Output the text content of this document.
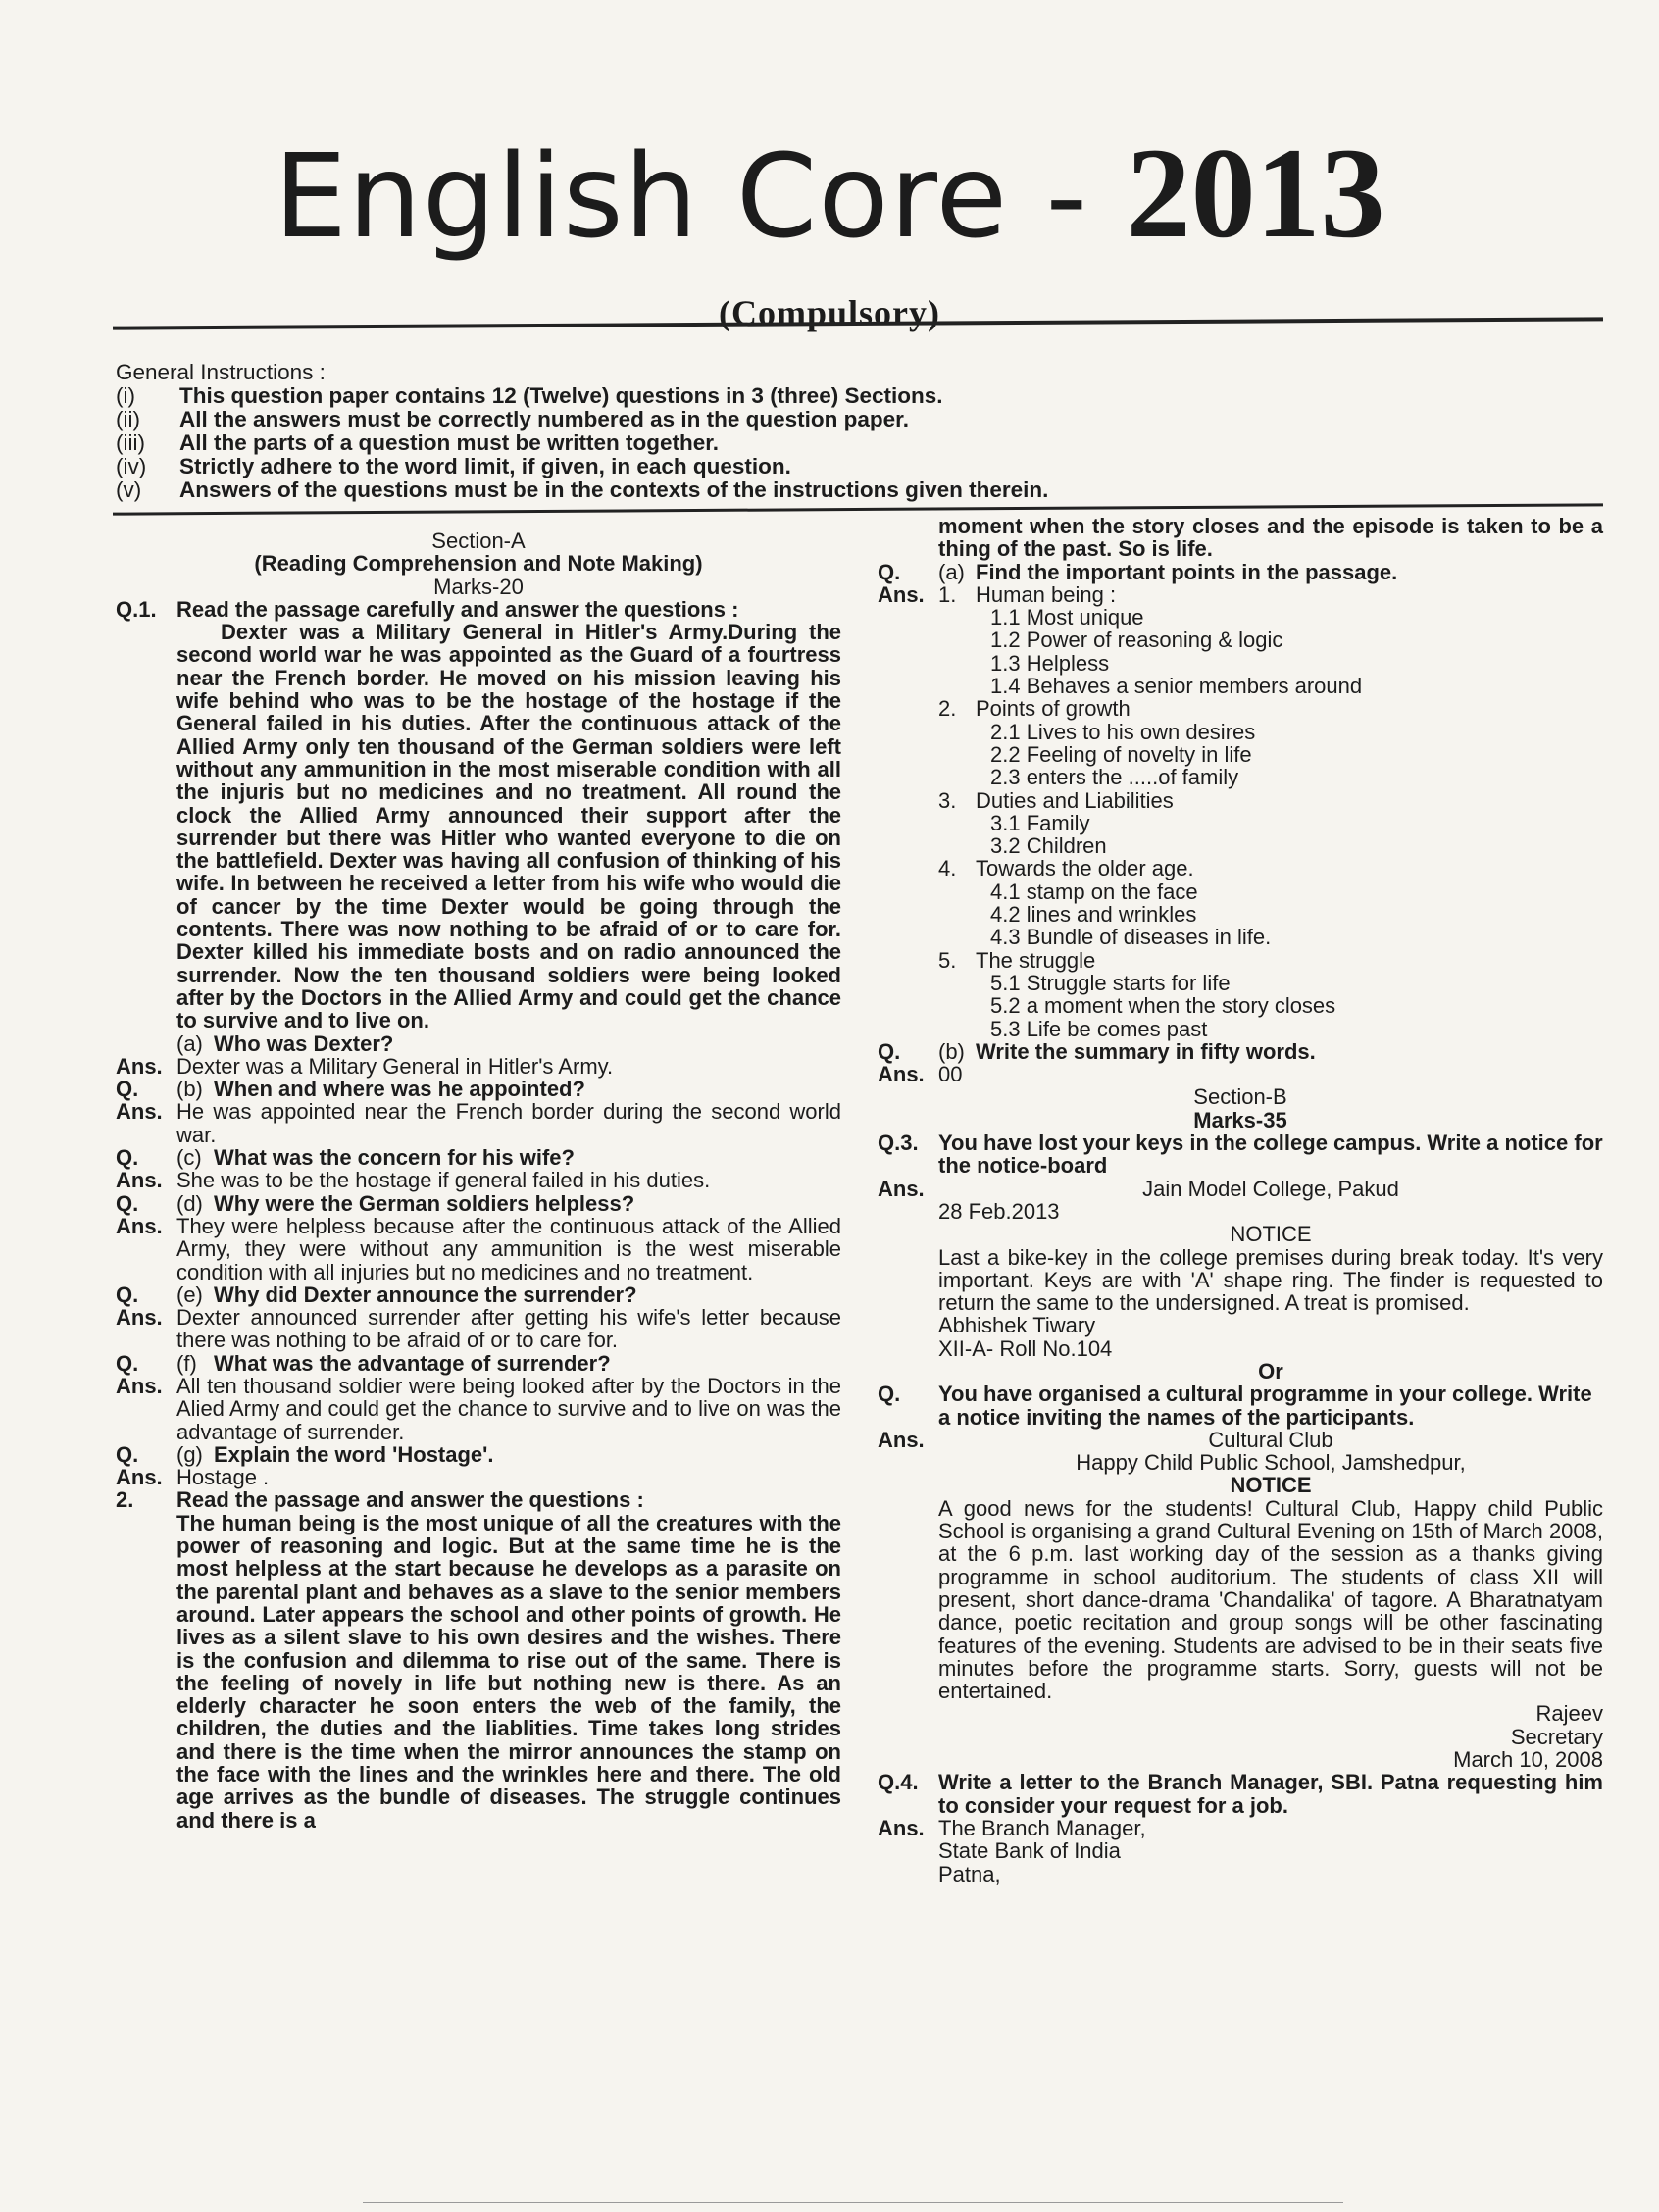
English Core - 2013
(Compulsory)
General Instructions :
(i)	This question paper contains 12 (Twelve) questions in 3 (three) Sections.
(ii)	All the answers must be correctly numbered as in the question paper.
(iii)	All the parts of a question must be written together.
(iv)	Strictly adhere to the word limit, if given, in each question.
(v)	Answers of the questions must be in the contexts of the instructions given therein.
Section-A
(Reading Comprehension and Note Making)
Marks-20
Q.1. Read the passage carefully and answer the questions :
Dexter was a Military General in Hitler's Army.During the second world war he was appointed as the Guard of a fourtress near the French border. He moved on his mission leaving his wife behind who was to be the hostage of the hostage if the General failed in his duties. After the continuous attack of the Allied Army only ten thousand of the German soldiers were left without any ammunition in the most miserable condition with all the injuris but no medicines and no treatment. All round the clock the Allied Army announced their support after the surrender but there was Hitler who wanted everyone to die on the battlefield. Dexter was having all confusion of thinking of his wife. In between he received a letter from his wife who would die of cancer by the time Dexter would be going through the contents. There was now nothing to be afraid of or to care for. Dexter killed his immediate bosts and on radio announced the surrender. Now the ten thousand soldiers were being looked after by the Doctors in the Allied Army and could get the chance to survive and to live on.
(a) Who was Dexter?
Ans. Dexter was a Military General in Hitler's Army.
Q.	(b) When and where was he appointed?
Ans. He was appointed near the French border during the second world war.
Q.	(c) What was the concern for his wife?
Ans. She was to be the hostage if general failed in his duties.
Q.	(d) Why were the German soldiers helpless?
Ans. They were helpless because after the continuous attack of the Allied Army, they were without any ammunition is the west miserable condition with all injuries but no medicines and no treatment.
Q.	(e) Why did Dexter announce the surrender?
Ans. Dexter announced surrender after getting his wife's letter because there was nothing to be afraid of or to care for.
Q.	(f) What was the advantage of surrender?
Ans. All ten thousand soldier were being looked after by the Doctors in the Alied Army and could get the chance to survive and to live on was the advantage of surrender.
Q.	(g) Explain the word 'Hostage'.
Ans. Hostage .
2.	Read the passage and answer the questions :
The human being is the most unique of all the creatures with the power of reasoning and logic. But at the same time he is the most helpless at the start because he develops as a parasite on the parental plant and behaves as a slave to the senior members around. Later appears the school and other points of growth. He lives as a silent slave to his own desires and the wishes. There is the confusion and dilemma to rise out of the same. There is the feeling of novely in life but nothing new is there. As an elderly character he soon enters the web of the family, the children, the duties and the liablities. Time takes long strides and there is the time when the mirror announces the stamp on the face with the lines and the wrinkles here and there. The old age arrives as the bundle of diseases. The struggle continues and there is a
moment when the story closes and the episode is taken to be a thing of the past. So is life.
Q.	(a) Find the important points in the passage.
Ans. 1. Human being :
1.1 Most unique
1.2 Power of reasoning & logic
1.3 Helpless
1.4 Behaves a senior members around
2. Points of growth
2.1 Lives to his own desires
2.2 Feeling of novelty in life
2.3 enters the .....of family
3. Duties and Liabilities
3.1 Family
3.2 Children
4. Towards the older age.
4.1 stamp on the face
4.2 lines and wrinkles
4.3 Bundle of diseases in life.
5. The struggle
5.1 Struggle starts for life
5.2 a moment when the story closes
5.3 Life be comes past
Q.	(b) Write the summary in fifty words.
Ans. 00
Section-B
Marks-35
Q.3. You have lost your keys in the college campus. Write a notice for the notice-board
Ans.	Jain Model College, Pakud
28 Feb.2013
NOTICE
Last a bike-key in the college premises during break today. It's very important. Keys are with 'A' shape ring. The finder is requested to return the same to the undersigned. A treat is promised.
Abhishek Tiwary
XII-A- Roll No.104
Or
Q.	You have organised a cultural programme in your college. Write a notice inviting the names of the participants.
Ans.	Cultural Club
Happy Child Public School, Jamshedpur,
NOTICE
A good news for the students! Cultural Club, Happy child Public School is organising a grand Cultural Evening on 15th of March 2008, at the 6 p.m. last working day of the session as a thanks giving programme in school auditorium. The students of class XII will present, short dance-drama 'Chandalika' of tagore. A Bharatnatyam dance, poetic recitation and group songs will be other fascinating features of the evening. Students are advised to be in their seats five minutes before the programme starts. Sorry, guests will not be entertained.
Rajeev
Secretary
March 10, 2008
Q.4. Write a letter to the Branch Manager, SBI. Patna requesting him to consider your request for a job.
Ans. The Branch Manager,
State Bank of India
Patna,
